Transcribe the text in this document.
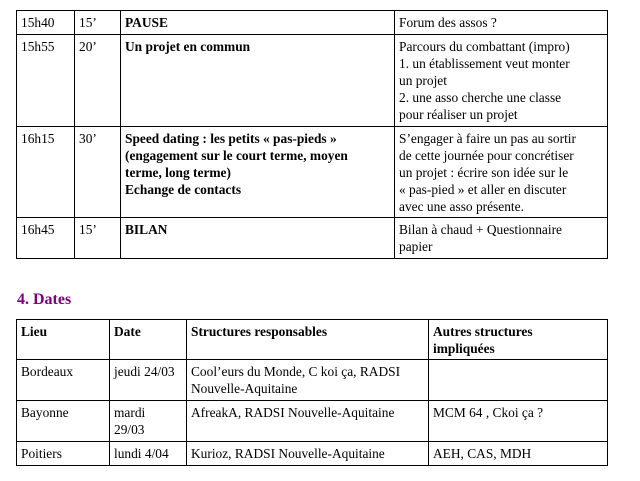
15h40	15’	PAUSE	Forum des assos ?

15h55	20’	Un projet en commun	Parcours du combattant (impro)
1. un établissement veut monter
un projet
2. une asso cherche une classe
pour réaliser un projet

16h15	30’	Speed dating : les petits « pas-pieds »
(engagement sur le court terme, moyen
terme, long terme)
Echange de contacts	S’engager à faire un pas au sortir
de cette journée pour concrétiser
un projet : écrire son idée sur le
« pas-pied » et aller en discuter
avec une asso présente.

16h45	15’	BILAN	Bilan à chaud + Questionnaire
papier
4. Dates
Lieu	Date	Structures responsables	Autres structures
impliquées

Bordeaux	jeudi 24/03	Cool’eurs du Monde, C koi ça, RADSI
Nouvelle-Aquitaine	

Bayonne	mardi
29/03	AfreakA, RADSI Nouvelle-Aquitaine	MCM 64 , Ckoi ça ?
Poitiers	lundi 4/04	Kurioz, RADSI Nouvelle-Aquitaine	AEH, CAS, MDH
